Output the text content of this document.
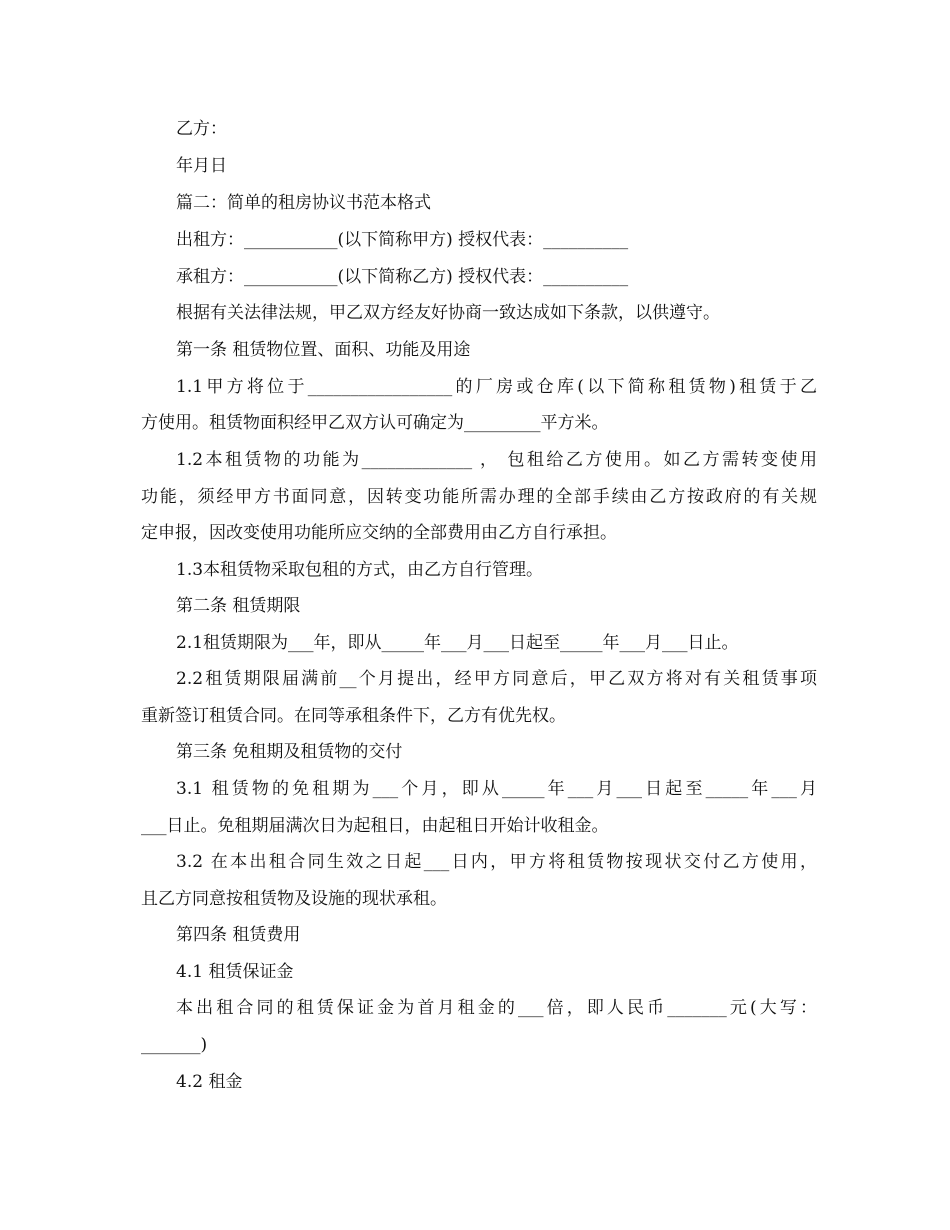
乙方：
年月日
篇二：简单的租房协议书范本格式
出租方：___________(以下简称甲方) 授权代表：__________
承租方：___________(以下简称乙方) 授权代表：__________
根据有关法律法规，甲乙双方经友好协商一致达成如下条款，以供遵守。
第一条 租赁物位置、面积、功能及用途
1.1甲方将位于_________________的厂房或仓库(以下简称租赁物)租赁于乙
方使用。租赁物面积经甲乙双方认可确定为_________平方米。
1.2本租赁物的功能为_____________ ， 包租给乙方使用。如乙方需转变使用
功能，须经甲方书面同意，因转变功能所需办理的全部手续由乙方按政府的有关规
定申报，因改变使用功能所应交纳的全部费用由乙方自行承担。
1.3本租赁物采取包租的方式，由乙方自行管理。
第二条 租赁期限
2.1租赁期限为___年，即从_____年___月___日起至_____年___月___日止。
2.2租赁期限届满前__个月提出，经甲方同意后，甲乙双方将对有关租赁事项
重新签订租赁合同。在同等承租条件下，乙方有优先权。
第三条 免租期及租赁物的交付
3.1 租赁物的免租期为___个月，即从_____年___月___日起至_____年___月
___日止。免租期届满次日为起租日，由起租日开始计收租金。
3.2 在本出租合同生效之日起___日内，甲方将租赁物按现状交付乙方使用，
且乙方同意按租赁物及设施的现状承租。
第四条 租赁费用
4.1 租赁保证金
本出租合同的租赁保证金为首月租金的___倍，即人民币_______元(大写：
_______)
4.2 租金
